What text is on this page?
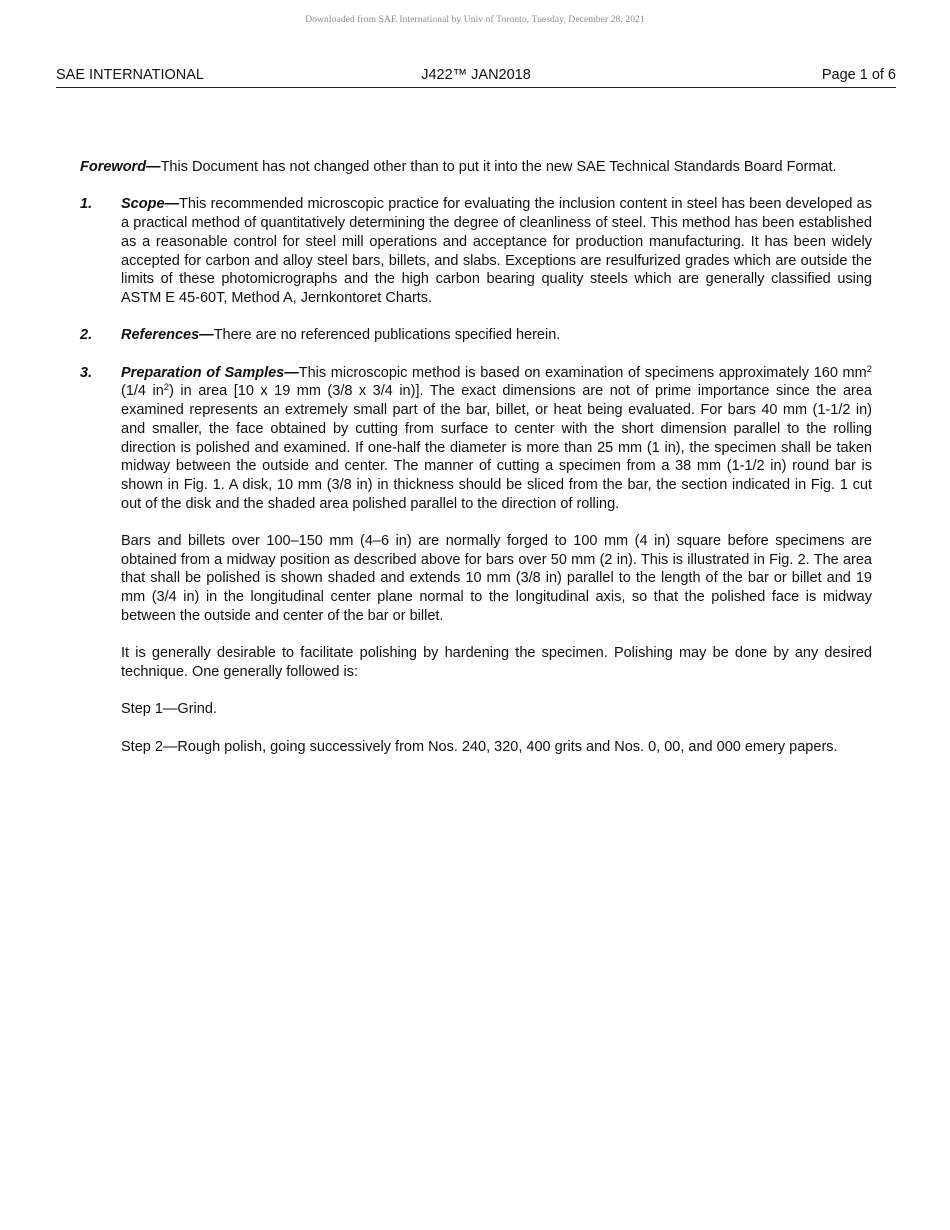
Downloaded from SAE International by Univ of Toronto, Tuesday, December 28, 2021
SAE INTERNATIONAL	J422™ JAN2018	Page 1 of 6

Foreword—This Document has not changed other than to put it into the new SAE Technical Standards Board Format.

1.	Scope—This recommended microscopic practice for evaluating the inclusion content in steel has been developed as a practical method of quantitatively determining the degree of cleanliness of steel. This method has been established as a reasonable control for steel mill operations and acceptance for production manufacturing. It has been widely accepted for carbon and alloy steel bars, billets, and slabs. Exceptions are resulfurized grades which are outside the limits of these photomicrographs and the high carbon bearing quality steels which are generally classified using ASTM E 45-60T, Method A, Jernkontoret Charts.
2.	References—There are no referenced publications specified herein.
3.	Preparation of Samples—This microscopic method is based on examination of specimens approximately 160 $mm^2$ (1/4 $in^2$) in area [10 x 19 mm (3/8 x 3/4 in)]. The exact dimensions are not of prime importance since the area examined represents an extremely small part of the bar, billet, or heat being evaluated. For bars 40 mm (1-1/2 in) and smaller, the face obtained by cutting from surface to center with the short dimension parallel to the rolling direction is polished and examined. If one-half the diameter is more than 25 mm (1 in), the specimen shall be taken midway between the outside and center. The manner of cutting a specimen from a 38 mm (1-1/2 in) round bar is shown in Fig. 1. A disk, 10 mm (3/8 in) in thickness should be sliced from the bar, the section indicated in Fig. 1 cut out of the disk and the shaded area polished parallel to the direction of rolling.

Bars and billets over 100–150 mm (4–6 in) are normally forged to 100 mm (4 in) square before specimens are obtained from a midway position as described above for bars over 50 mm (2 in). This is illustrated in Fig. 2. The area that shall be polished is shown shaded and extends 10 mm (3/8 in) parallel to the length of the bar or billet and 19 mm (3/4 in) in the longitudinal center plane normal to the longitudinal axis, so that the polished face is midway between the outside and center of the bar or billet.

It is generally desirable to facilitate polishing by hardening the specimen. Polishing may be done by any desired technique. One generally followed is:

Step 1—Grind.

Step 2—Rough polish, going successively from Nos. 240, 320, 400 grits and Nos. 0, 00, and 000 emery papers.
